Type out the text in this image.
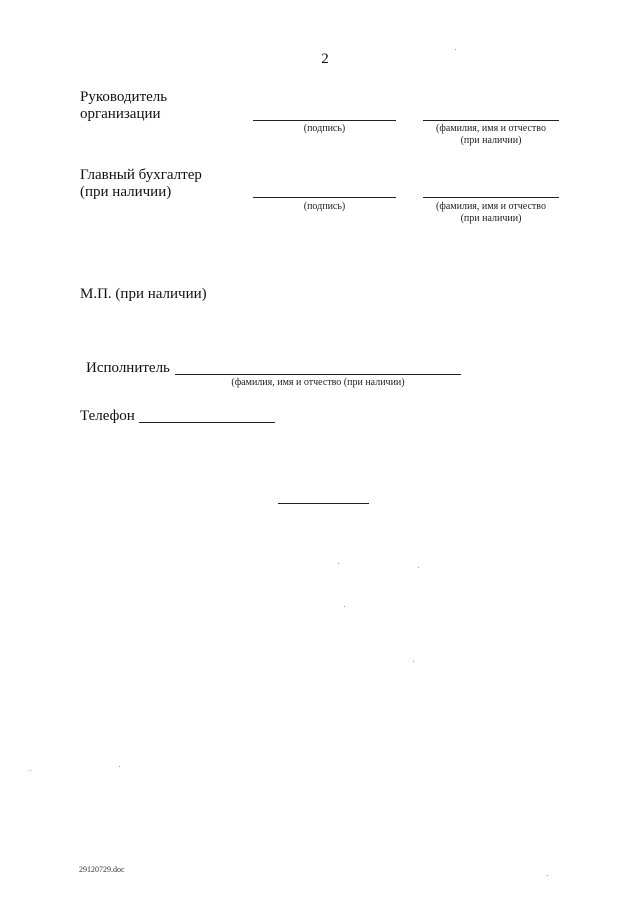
2
Руководитель
организации
(подпись)	(фамилия, имя и отчество
(при наличии)
Главный бухгалтер
(при наличии)
(подпись)	(фамилия, имя и отчество
(при наличии)
М.П. (при наличии)
Исполнитель
(фамилия, имя и отчество (при наличии)
Телефон
29120729.doc
